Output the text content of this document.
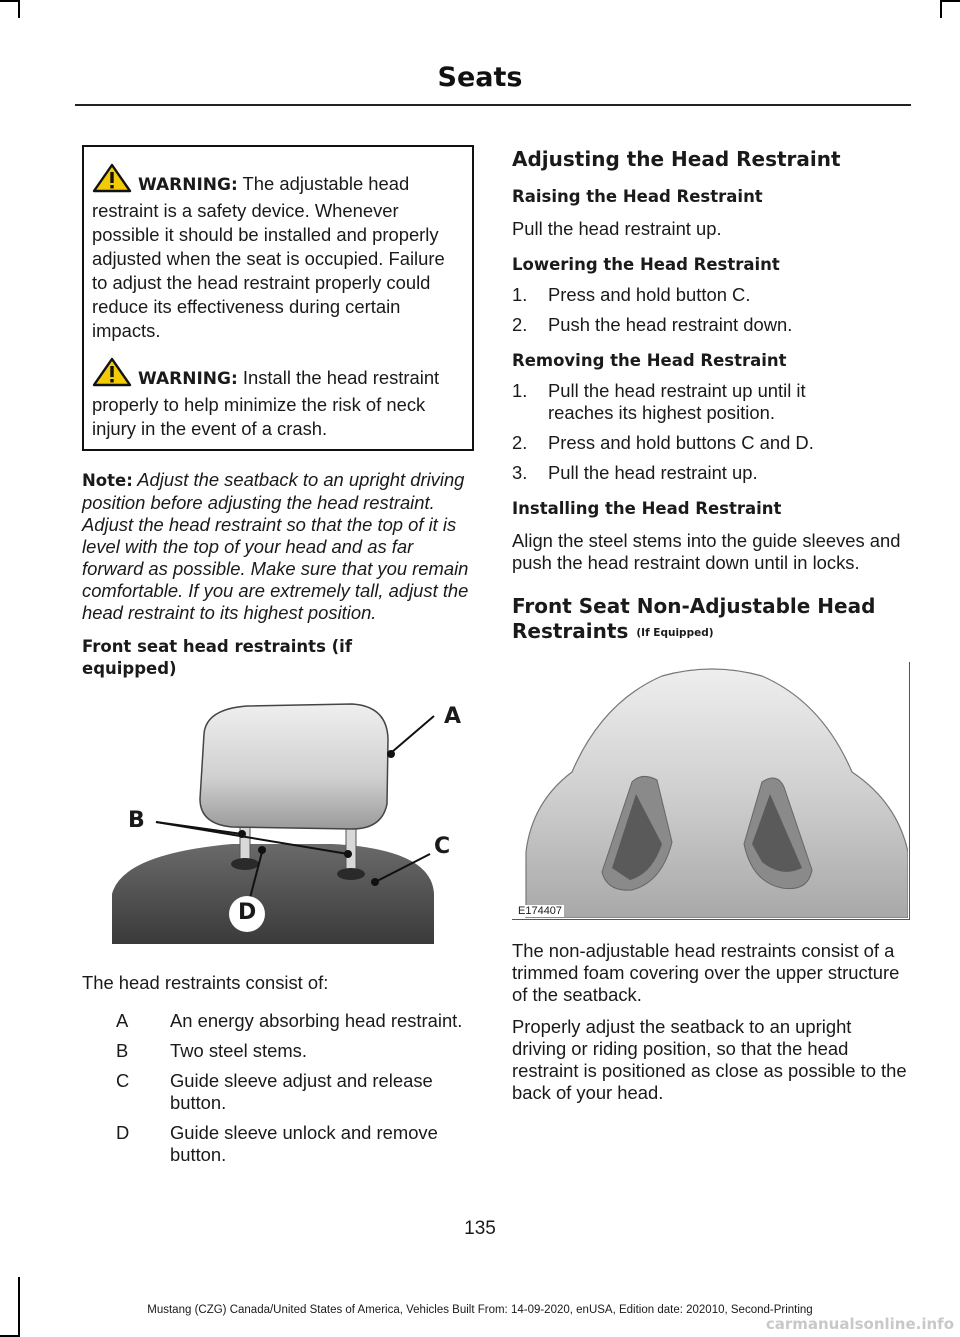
Seats

WARNING: The adjustable head restraint is a safety device. Whenever possible it should be installed and properly adjusted when the seat is occupied. Failure to adjust the head restraint properly could reduce its effectiveness during certain impacts.

WARNING: Install the head restraint properly to help minimize the risk of neck injury in the event of a crash.

Note: Adjust the seatback to an upright driving position before adjusting the head restraint. Adjust the head restraint so that the top of it is level with the top of your head and as far forward as possible. Make sure that you remain comfortable. If you are extremely tall, adjust the head restraint to its highest position.

Front seat head restraints (if equipped)
A
B
C
D

The head restraints consist of:

A	An energy absorbing head restraint.
B	Two steel stems.
C	Guide sleeve adjust and release button.
D	Guide sleeve unlock and remove button.
Adjusting the Head Restraint
Raising the Head Restraint

Pull the head restraint up.

Lowering the Head Restraint
1.	Press and hold button C.
2.	Push the head restraint down.
Removing the Head Restraint
1.	Pull the head restraint up until it reaches its highest position.
2.	Press and hold buttons C and D.
3.	Pull the head restraint up.
Installing the Head Restraint

Align the steel stems into the guide sleeves and push the head restraint down until in locks.

Front Seat Non-Adjustable Head Restraints (If Equipped)
E174407

The non-adjustable head restraints consist of a trimmed foam covering over the upper structure of the seatback.

Properly adjust the seatback to an upright driving or riding position, so that the head restraint is positioned as close as possible to the back of your head.

135
Mustang (CZG) Canada/United States of America, Vehicles Built From: 14-09-2020, enUSA, Edition date: 202010, Second-Printing
carmanualsonline.info
